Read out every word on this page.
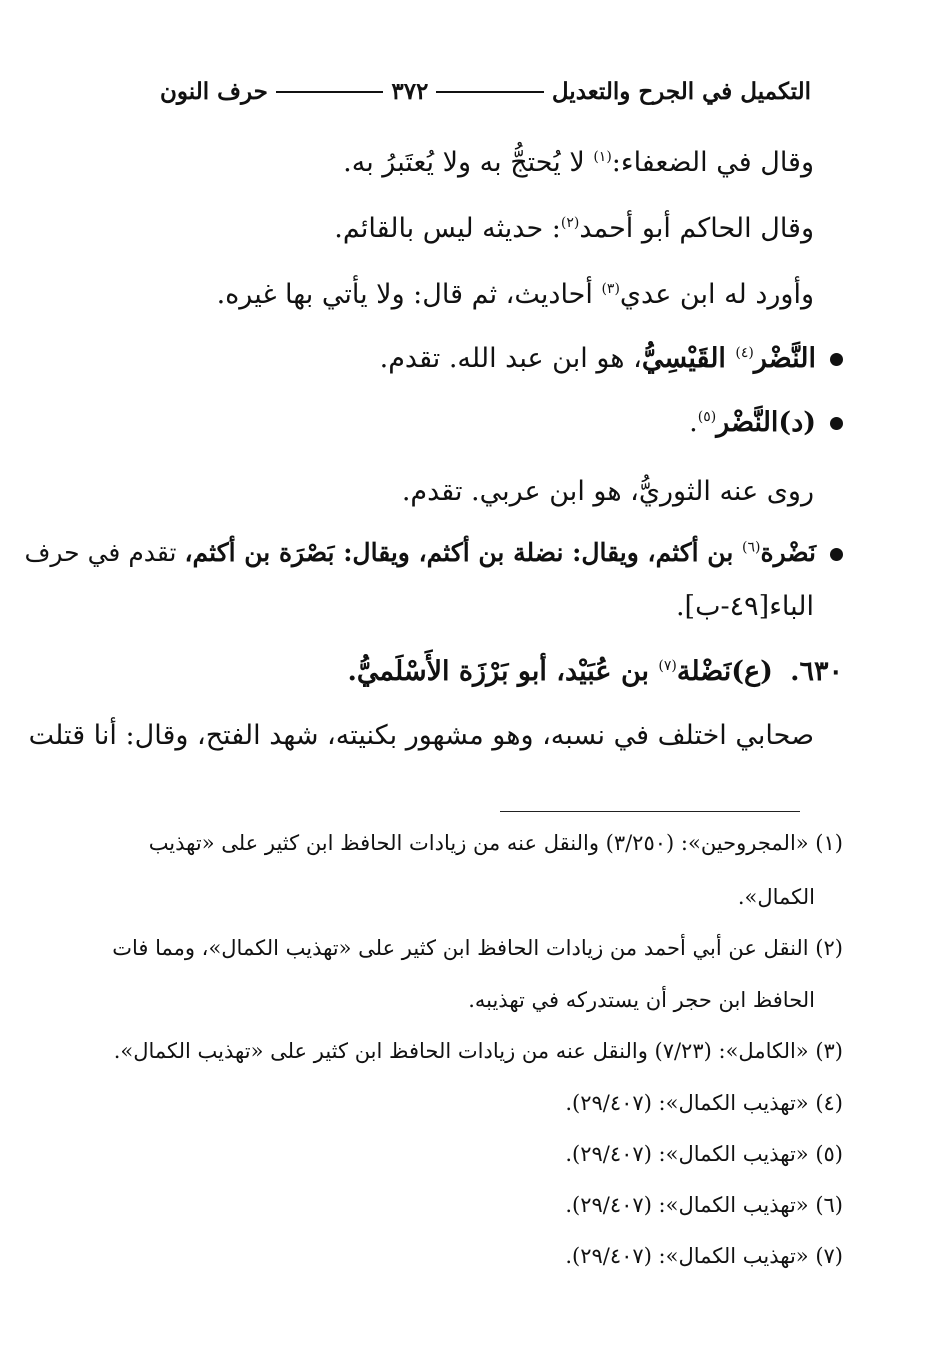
التكميل في الجرح والتعديل
٣٧٢
حرف النون
وقال في الضعفاء:$^{(١)}$ لا يُحتجُّ به ولا يُعتَبرُ به.
وقال الحاكم أبو أحمد$^{(٢)}$: حديثه ليس بالقائم.
وأورد له ابن عدي$^{(٣)}$ أحاديث، ثم قال: ولا يأتي بها غيره.
النَّضْر$^{(٤)}$ القَيْسِيُّ، هو ابن عبد الله. تقدم.
(د)النَّضْر$^{(٥)}$.
روى عنه الثوريُّ، هو ابن عربي. تقدم.
نَضْرة$^{(٦)}$ بن أكثم، ويقال: نضلة بن أكثم، ويقال: بَصْرَة بن أكثم، تقدم في حرف
الباء[٤٩-ب].
٦٣٠.  (ع)نَضْلة$^{(٧)}$ بن عُبَيْد، أبو بَرْزَة الأَسْلَميُّ.
صحابي اختلف في نسبه، وهو مشهور بكنيته، شهد الفتح، وقال: أنا قتلت
(١) «المجروحين»: (٣/٢٥٠) والنقل عنه من زيادات الحافظ ابن كثير على «تهذيب
الكمال».
(٢) النقل عن أبي أحمد من زيادات الحافظ ابن كثير على «تهذيب الكمال»، ومما فات
الحافظ ابن حجر أن يستدركه في تهذيبه.
(٣) «الكامل»: (٧/٢٣) والنقل عنه من زيادات الحافظ ابن كثير على «تهذيب الكمال».
(٤) «تهذيب الكمال»: (٢٩/٤٠٧).
(٥) «تهذيب الكمال»: (٢٩/٤٠٧).
(٦) «تهذيب الكمال»: (٢٩/٤٠٧).
(٧) «تهذيب الكمال»: (٢٩/٤٠٧).
